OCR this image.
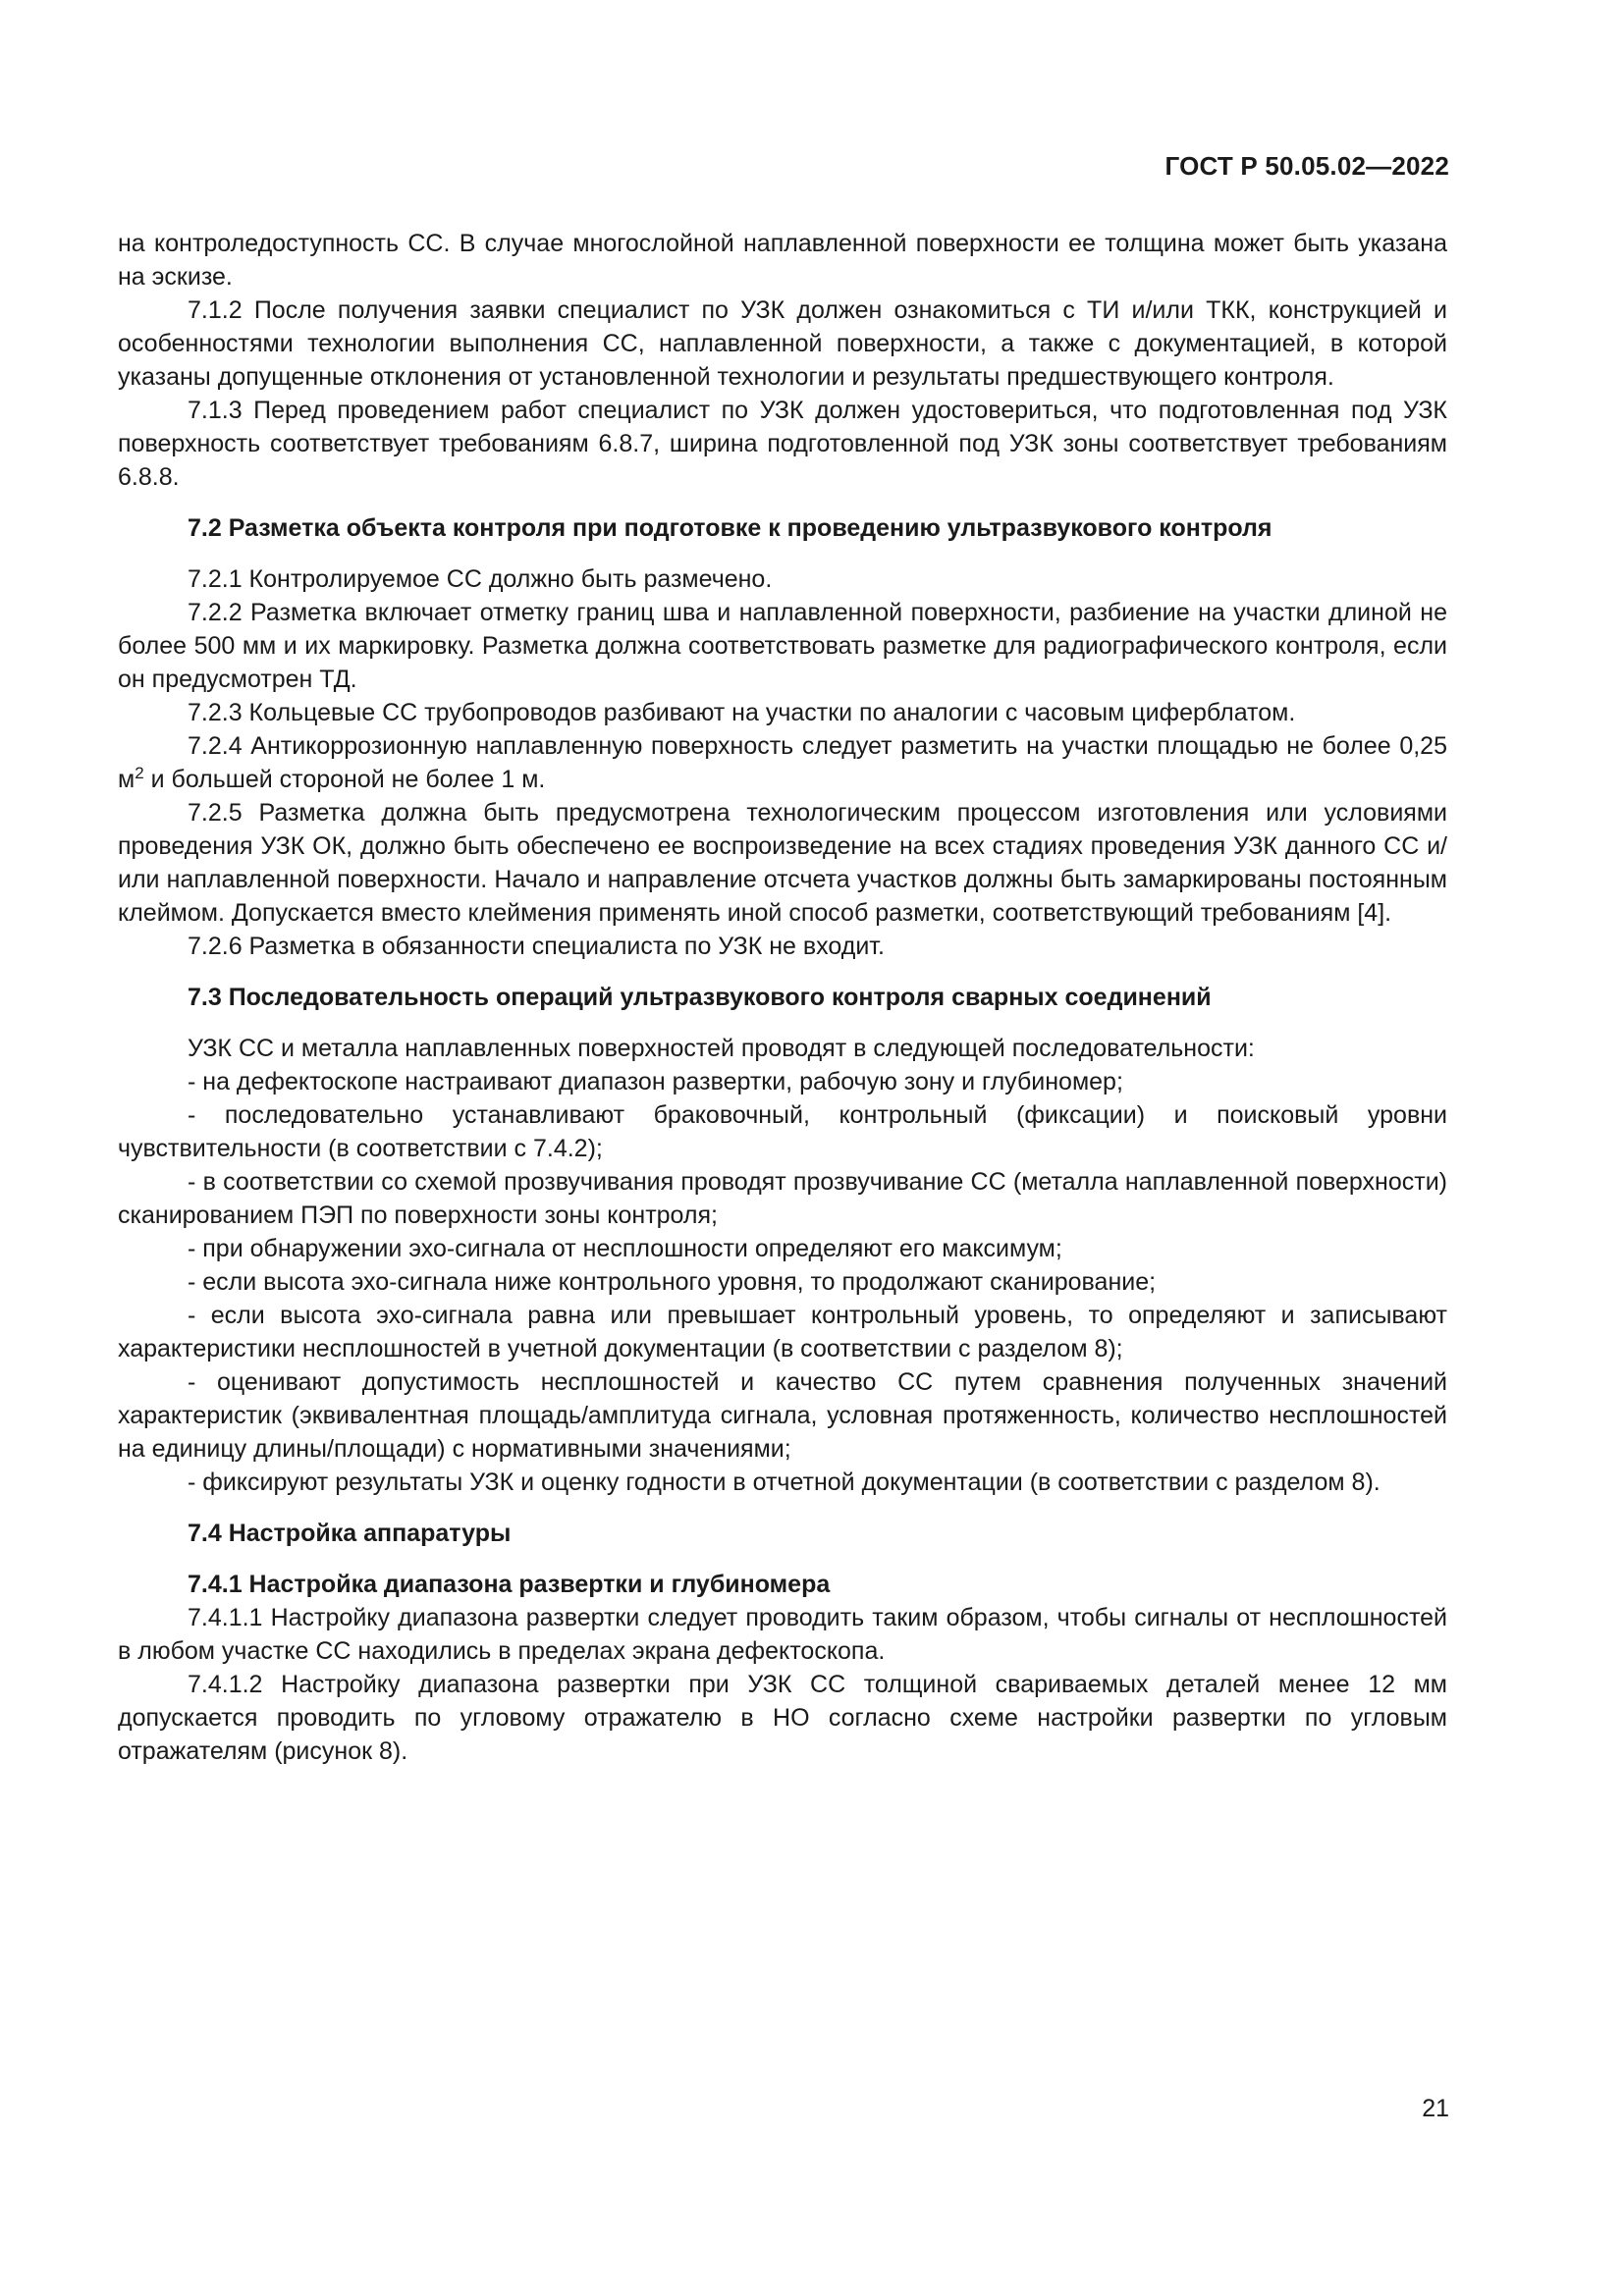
ГОСТ Р 50.05.02—2022

на контроледоступность СС. В случае многослойной наплавленной поверхности ее толщина может быть указана на эскизе.

7.1.2 После получения заявки специалист по УЗК должен ознакомиться с ТИ и/или ТКК, конструкцией и особенностями технологии выполнения СС, наплавленной поверхности, а также с документацией, в которой указаны допущенные отклонения от установленной технологии и результаты предшествующего контроля.

7.1.3 Перед проведением работ специалист по УЗК должен удостовериться, что подготовленная под УЗК поверхность соответствует требованиям 6.8.7, ширина подготовленной под УЗК зоны соответствует требованиям 6.8.8.

7.2 Разметка объекта контроля при подготовке к проведению ультразвукового контроля

7.2.1 Контролируемое СС должно быть размечено.

7.2.2 Разметка включает отметку границ шва и наплавленной поверхности, разбиение на участки длиной не более 500 мм и их маркировку. Разметка должна соответствовать разметке для радиографического контроля, если он предусмотрен ТД.

7.2.3 Кольцевые СС трубопроводов разбивают на участки по аналогии с часовым циферблатом.

7.2.4 Антикоррозионную наплавленную поверхность следует разметить на участки площадью не более 0,25 $м^2$ и большей стороной не более 1 м.

7.2.5 Разметка должна быть предусмотрена технологическим процессом изготовления или условиями проведения УЗК ОК, должно быть обеспечено ее воспроизведение на всех стадиях проведения УЗК данного СС и/или наплавленной поверхности. Начало и направление отсчета участков должны быть замаркированы постоянным клеймом. Допускается вместо клеймения применять иной способ разметки, соответствующий требованиям [4].

7.2.6 Разметка в обязанности специалиста по УЗК не входит.

7.3 Последовательность операций ультразвукового контроля сварных соединений

УЗК СС и металла наплавленных поверхностей проводят в следующей последовательности:

- на дефектоскопе настраивают диапазон развертки, рабочую зону и глубиномер;

- последовательно устанавливают браковочный, контрольный (фиксации) и поисковый уровни чувствительности (в соответствии с 7.4.2);

- в соответствии со схемой прозвучивания проводят прозвучивание СС (металла наплавленной поверхности) сканированием ПЭП по поверхности зоны контроля;

- при обнаружении эхо-сигнала от несплошности определяют его максимум;

- если высота эхо-сигнала ниже контрольного уровня, то продолжают сканирование;

- если высота эхо-сигнала равна или превышает контрольный уровень, то определяют и записывают характеристики несплошностей в учетной документации (в соответствии с разделом 8);

- оценивают допустимость несплошностей и качество СС путем сравнения полученных значений характеристик (эквивалентная площадь/амплитуда сигнала, условная протяженность, количество несплошностей на единицу длины/площади) с нормативными значениями;

- фиксируют результаты УЗК и оценку годности в отчетной документации (в соответствии с разделом 8).

7.4 Настройка аппаратуры
7.4.1 Настройка диапазона развертки и глубиномера

7.4.1.1 Настройку диапазона развертки следует проводить таким образом, чтобы сигналы от несплошностей в любом участке СС находились в пределах экрана дефектоскопа.

7.4.1.2 Настройку диапазона развертки при УЗК СС толщиной свариваемых деталей менее 12 мм допускается проводить по угловому отражателю в НО согласно схеме настройки развертки по угловым отражателям (рисунок 8).

21
